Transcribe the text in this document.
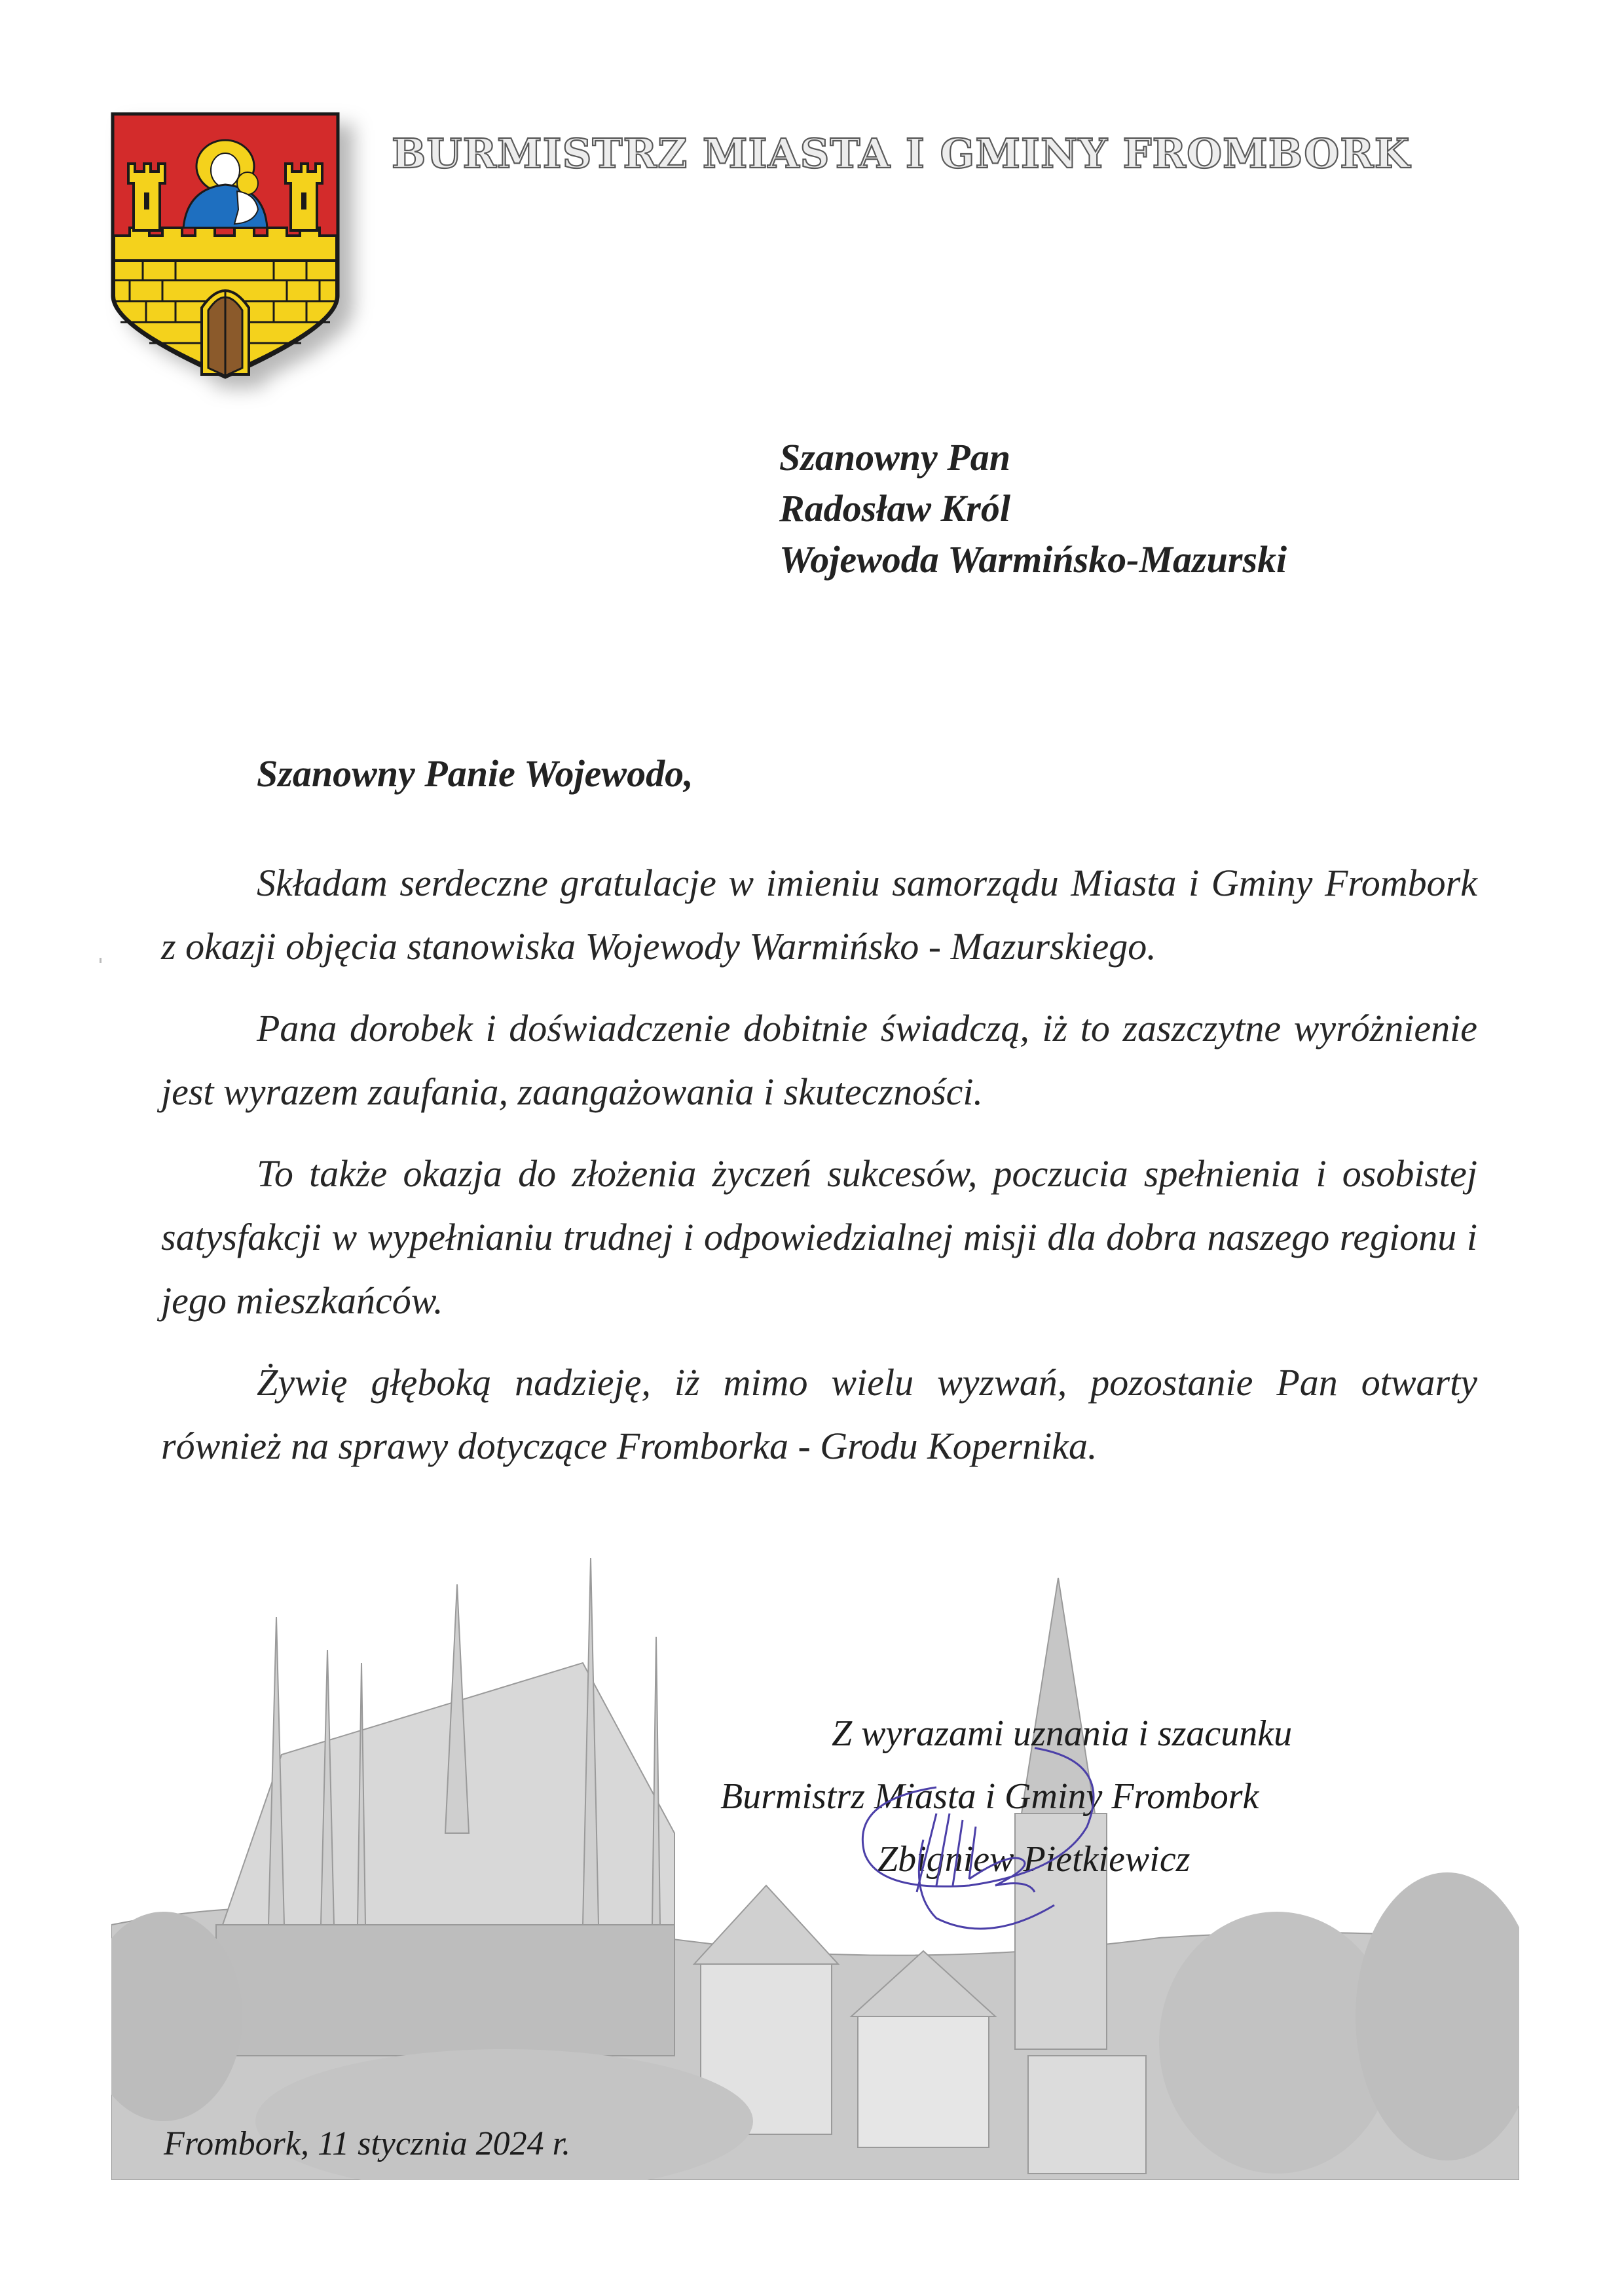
BURMISTRZ MIASTA I GMINY FROMBORK
Szanowny Pan
Radosław Król
Wojewoda Warmińsko-Mazurski
Szanowny Panie Wojewodo,

Składam serdeczne gratulacje w imieniu samorządu Miasta i Gminy Frombork z okazji objęcia stanowiska Wojewody Warmińsko - Mazurskiego.

Pana dorobek i doświadczenie dobitnie świadczą, iż to zaszczytne wyróżnienie jest wyrazem zaufania, zaangażowania i skuteczności.

To także okazja do złożenia życzeń sukcesów, poczucia spełnienia i osobistej satysfakcji w wypełnianiu trudnej i odpowiedzialnej misji dla dobra naszego regionu i jego mieszkańców.

Żywię głęboką nadzieję, iż mimo wielu wyzwań, pozostanie Pan otwarty również na sprawy dotyczące Fromborka - Grodu Kopernika.

Z wyrazami uznania i szacunku
Burmistrz Miasta i Gminy Frombork
Zbigniew Pietkiewicz
Frombork, 11 stycznia 2024 r.
